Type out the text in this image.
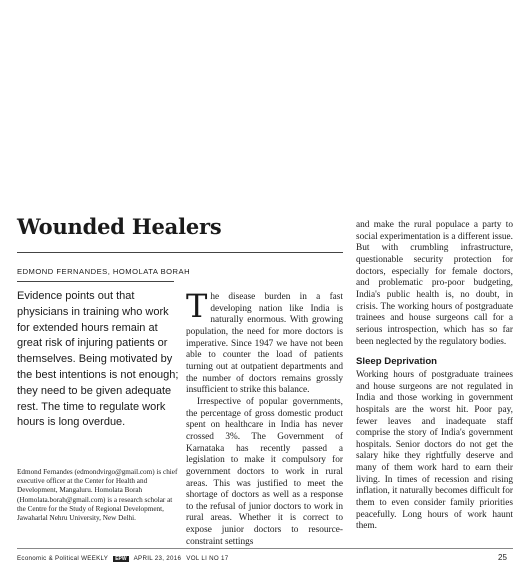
Wounded Healers
EDMOND FERNANDES, HOMOLATA BORAH

Evidence points out that physicians in training who work for extended hours remain at great risk of injuring patients or themselves. Being motivated by the best intentions is not enough; they need to be given adequate rest. The time to regulate work hours is long overdue.

Edmond Fernandes (edmondvirgo@gmail.com) is chief executive officer at the Center for Health and Development, Mangaluru. Homolata Borah (Homolata.borah@gmail.com) is a research scholar at the Centre for the Study of Regional Development, Jawaharlal Nehru University, New Delhi.

The disease burden in a fast developing nation like India is naturally enormous. With growing population, the need for more doctors is imperative. Since 1947 we have not been able to counter the load of patients turning out at outpatient departments and the number of doctors remains grossly insufficient to strike this balance.

Irrespective of popular governments, the percentage of gross domestic product spent on healthcare in India has never crossed 3%. The Government of Karnataka has recently passed a legislation to make it compulsory for government doctors to work in rural areas. This was justified to meet the shortage of doctors as well as a response to the refusal of junior doctors to work in rural areas. Whether it is correct to expose junior doctors to resource-constraint settings

and make the rural populace a party to social experimentation is a different issue. But with crumbling infrastructure, questionable security protection for doctors, especially for female doctors, and problematic pro-poor budgeting, India's public health is, no doubt, in crisis. The working hours of postgraduate trainees and house surgeons call for a serious introspection, which has so far been neglected by the regulatory bodies.

Sleep Deprivation

Working hours of postgraduate trainees and house surgeons are not regulated in India and those working in government hospitals are the worst hit. Poor pay, fewer leaves and inadequate staff comprise the story of India's government hospitals. Senior doctors do not get the salary hike they rightfully deserve and many of them work hard to earn their living. In times of recession and rising inflation, it naturally becomes difficult for them to even consider family priorities peacefully. Long hours of work haunt them.

Economic & Political WEEKLY	EPW	APRIL 23, 2016 VOL LI NO 17	25
